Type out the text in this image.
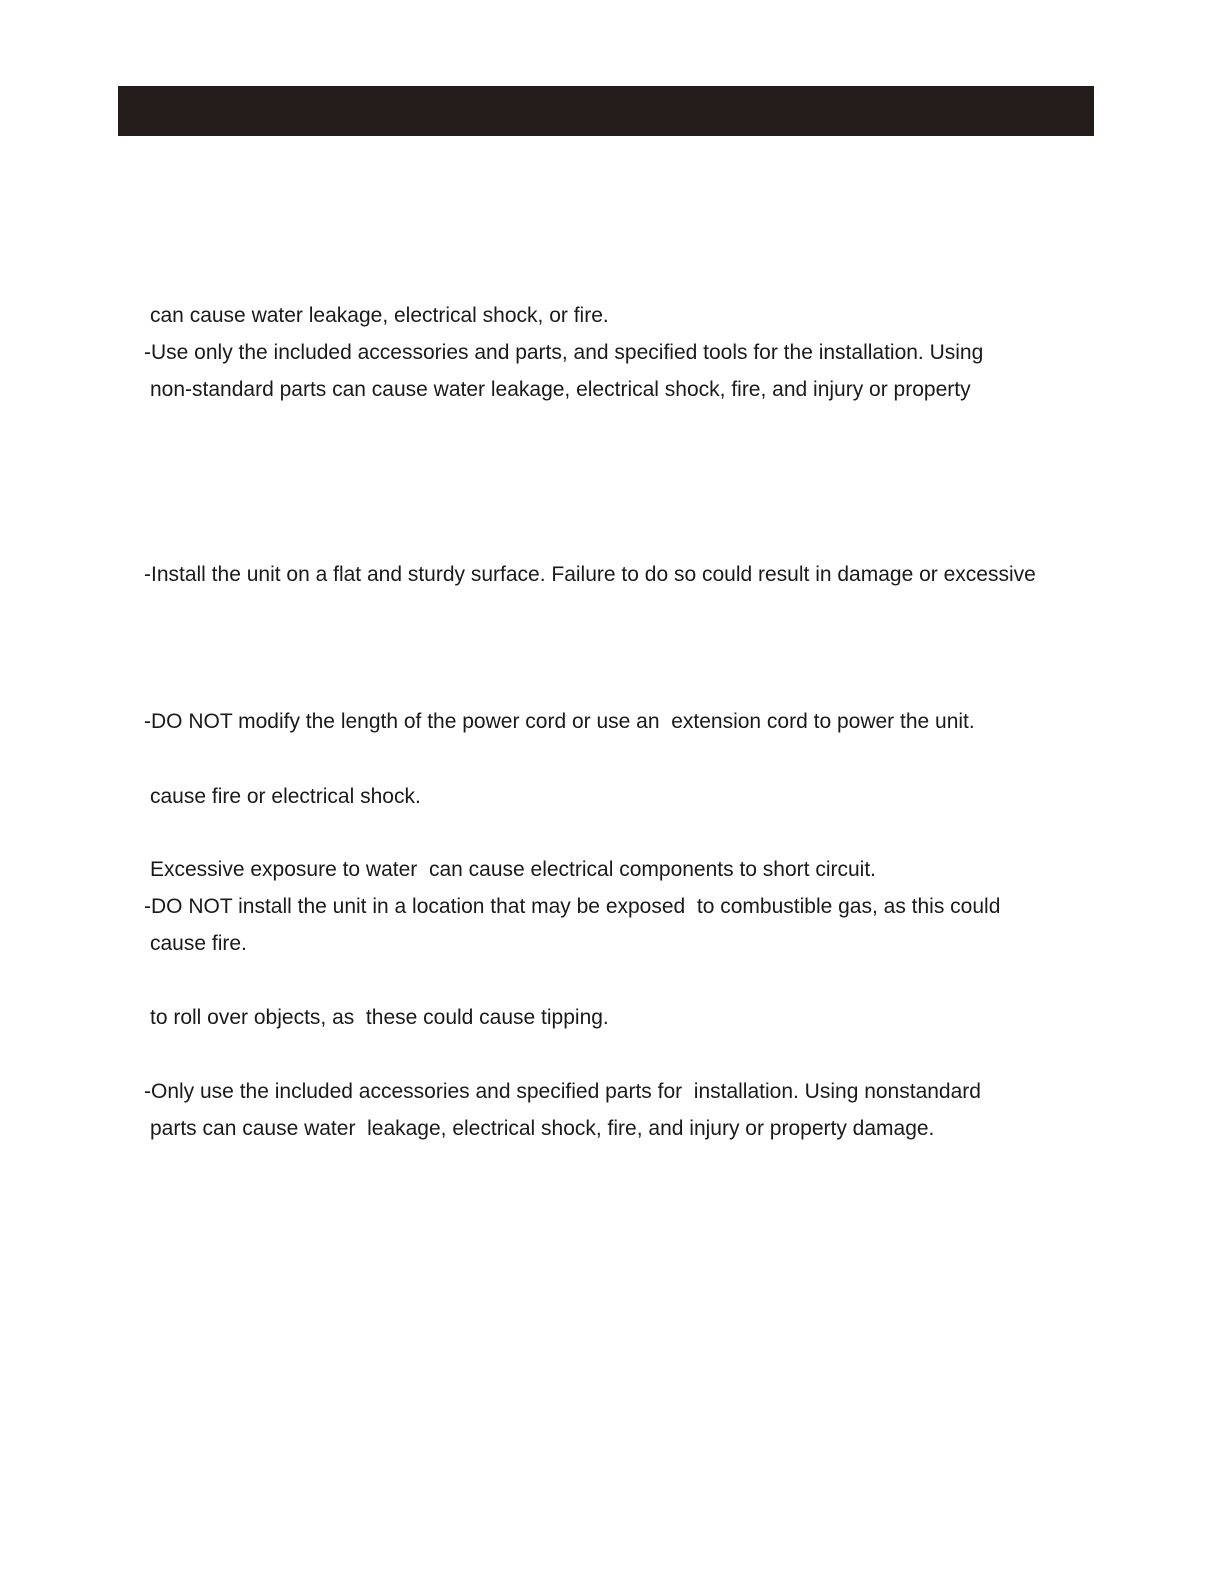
can cause water leakage, electrical shock, or fire.
-Use only the included accessories and parts, and specified tools for the installation. Using
non-standard parts can cause water leakage, electrical shock, fire, and injury or property
-Install the unit on a flat and sturdy surface. Failure to do so could result in damage or excessive
-DO NOT modify the length of the power cord or use an  extension cord to power the unit.
cause fire or electrical shock.
Excessive exposure to water  can cause electrical components to short circuit.
-DO NOT install the unit in a location that may be exposed  to combustible gas, as this could
cause fire.
to roll over objects, as  these could cause tipping.
-Only use the included accessories and specified parts for  installation. Using nonstandard
parts can cause water  leakage, electrical shock, fire, and injury or property damage.
